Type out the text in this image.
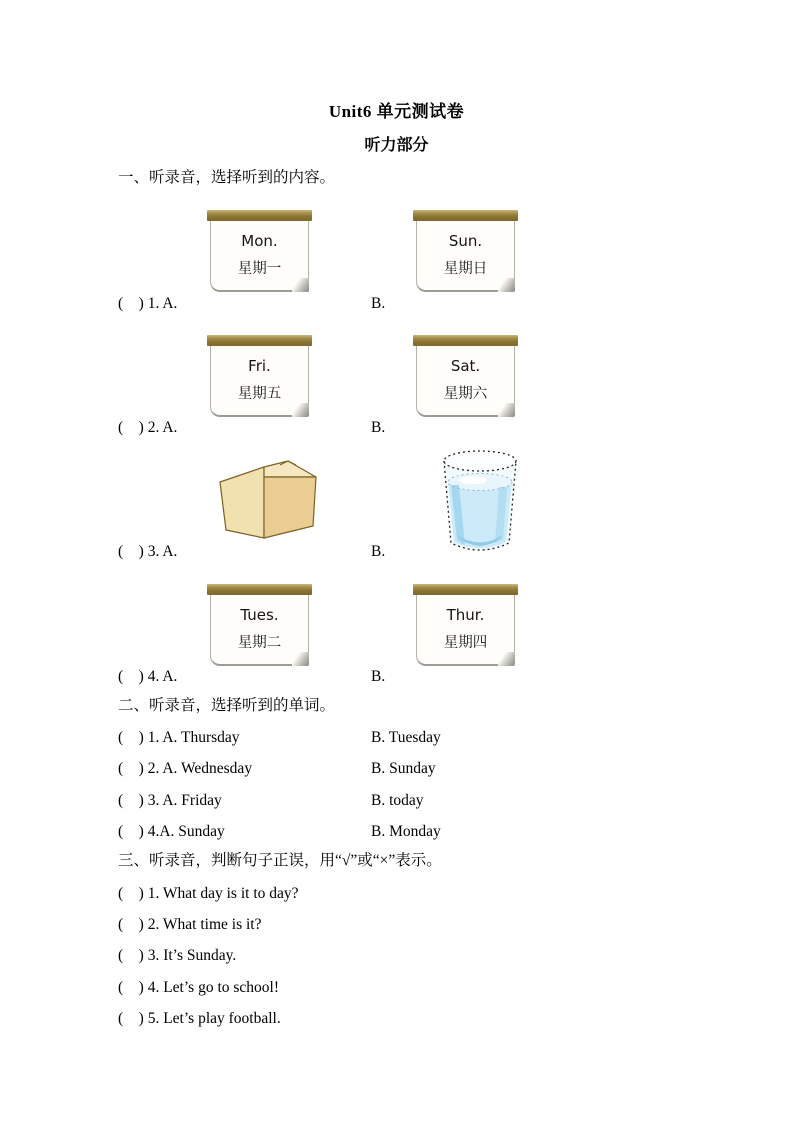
Unit6 单元测试卷
听力部分
一、听录音，选择听到的内容。
Mon.
星期一
Sun.
星期日
(    ) 1. A.	B.
Fri.
星期五
Sat.
星期六
(    ) 2. A.	B.
(    ) 3. A.	B.
Tues.
星期二
Thur.
星期四
(    ) 4. A.	B.
二、听录音，选择听到的单词。
(    ) 1. A. Thursday	B. Tuesday
(    ) 2. A. Wednesday	B. Sunday
(    ) 3. A. Friday	B. today
(    ) 4.A. Sunday	B. Monday
三、听录音，判断句子正误，用“√”或“×”表示。
(    ) 1. What day is it to day?
(    ) 2. What time is it?
(    ) 3. It’s Sunday.
(    ) 4. Let’s go to school!
(    ) 5. Let’s play football.
